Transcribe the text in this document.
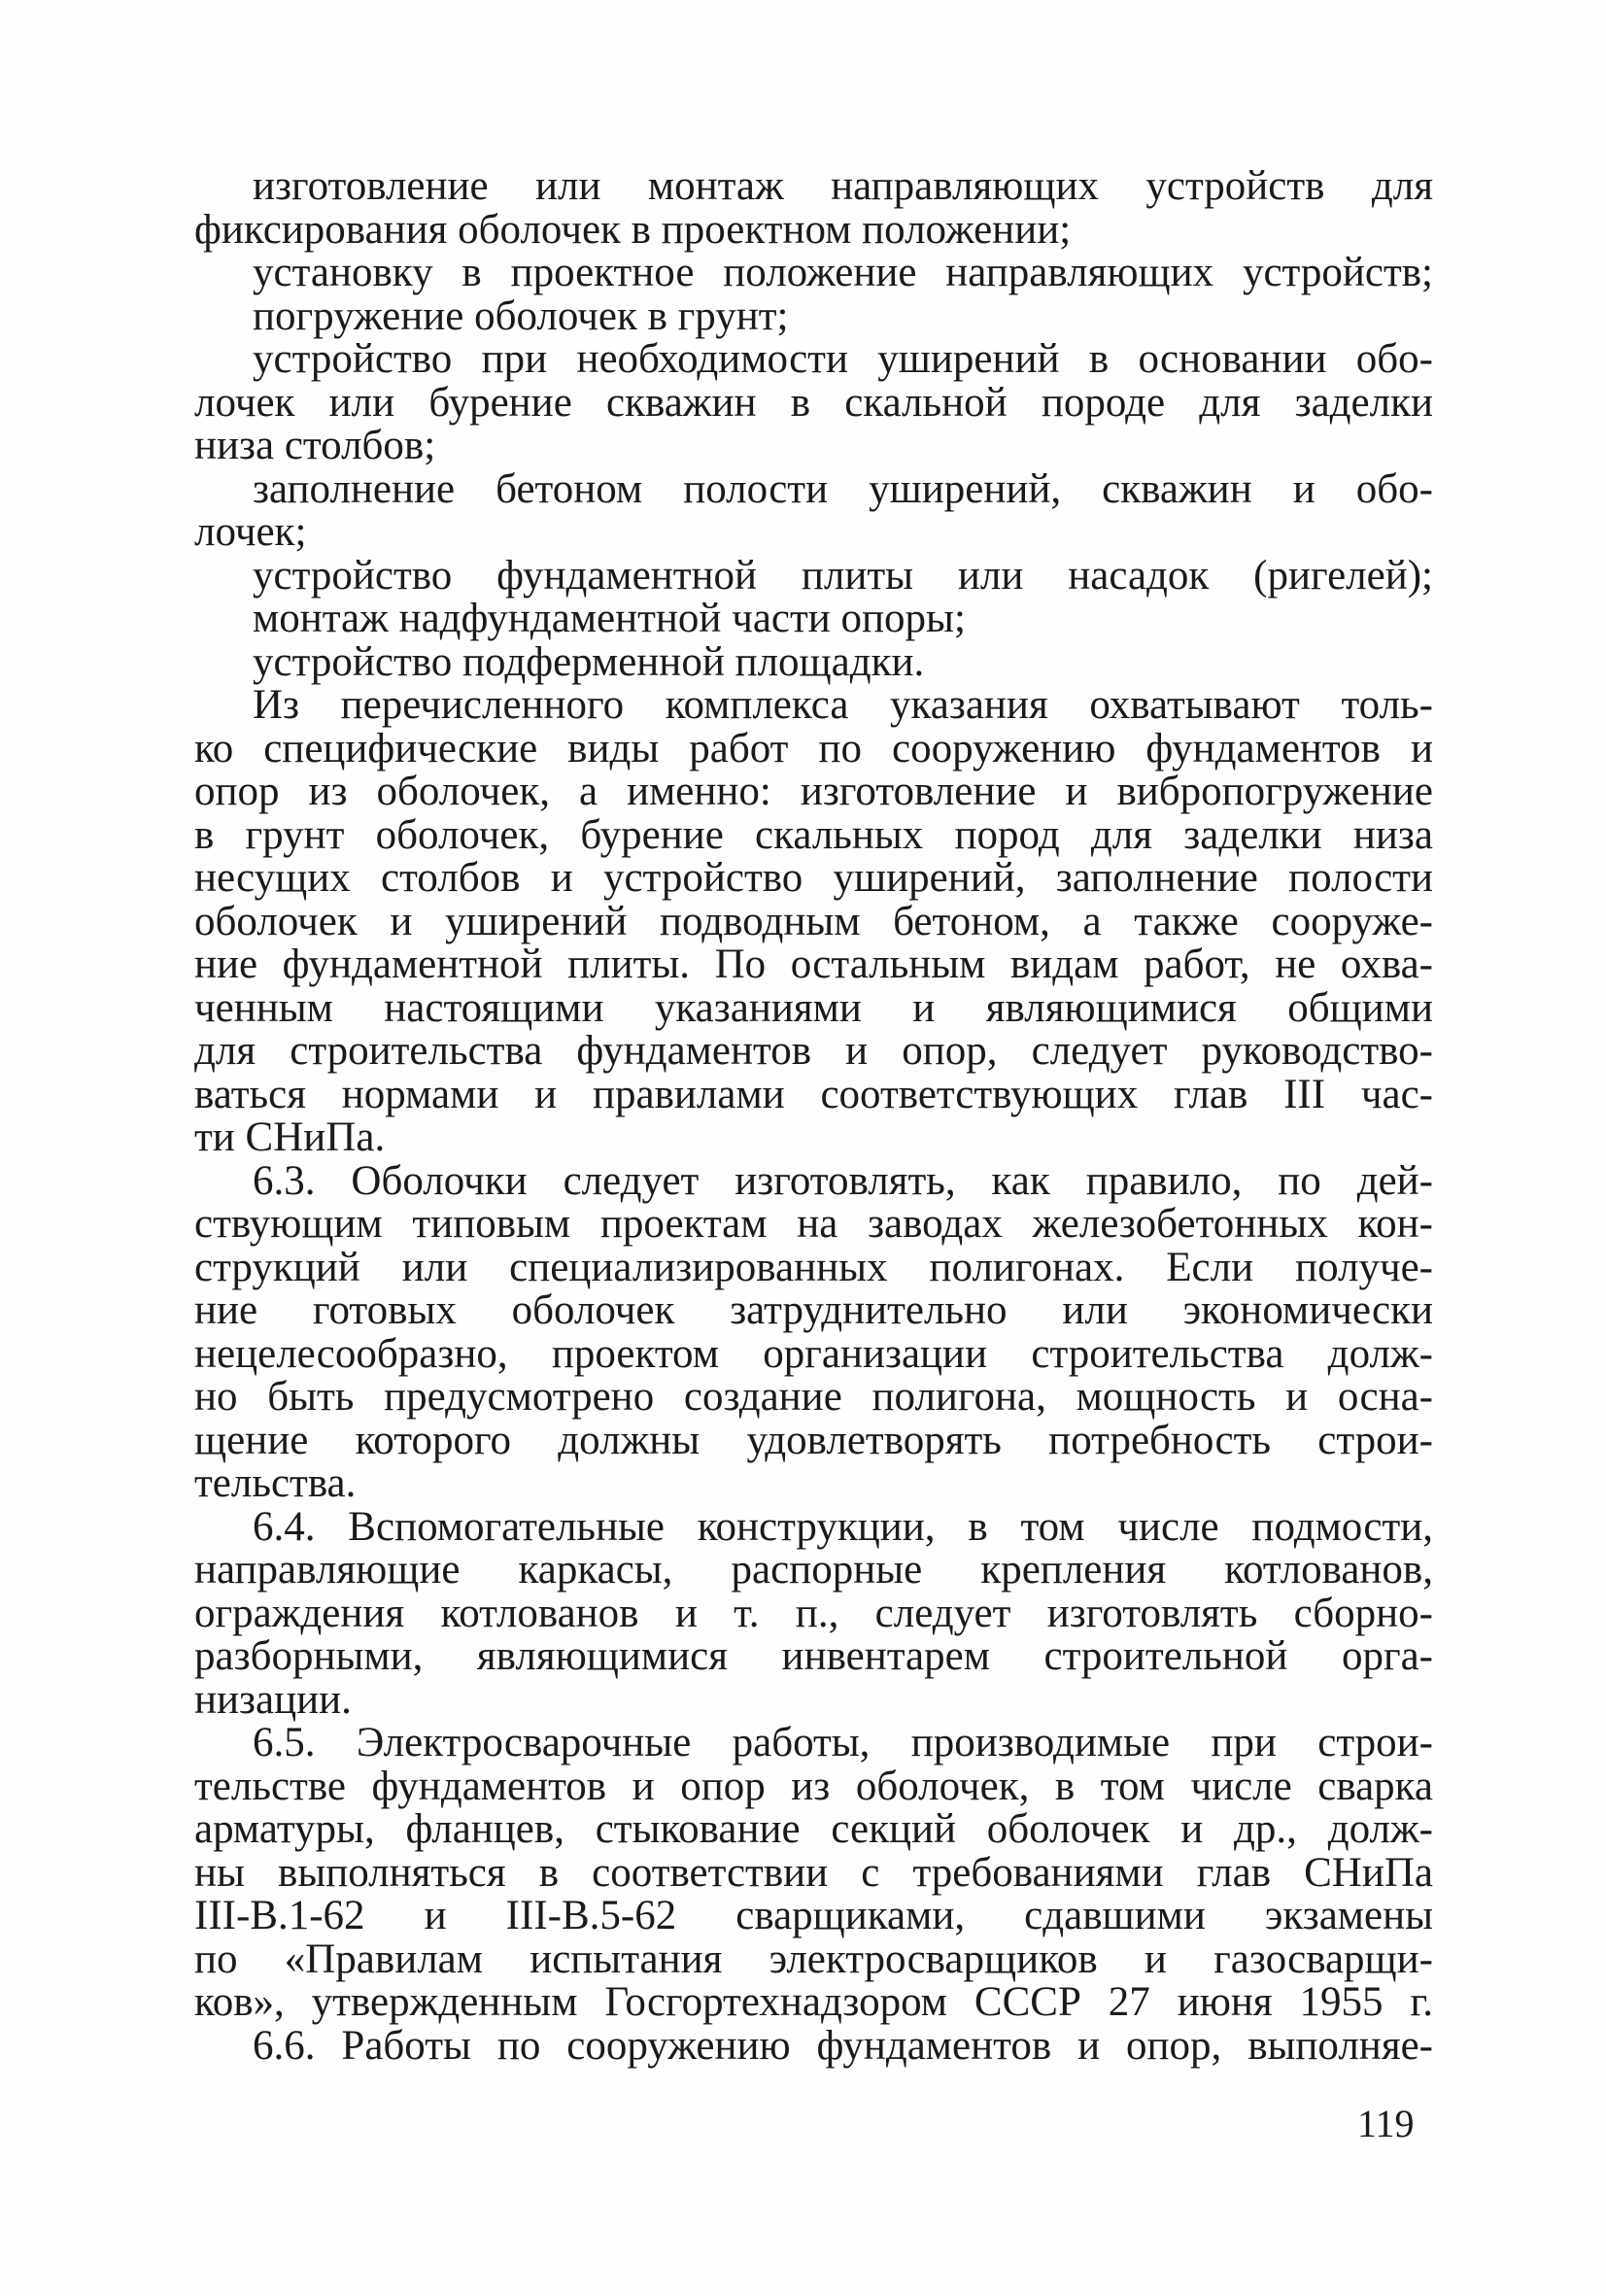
изготовление или монтаж направляющих устройств для
фиксирования оболочек в проектном положении;
установку в проектное положение направляющих устройств;
погружение оболочек в грунт;
устройство при необходимости уширений в основании обо-
лочек или бурение скважин в скальной породе для заделки
низа столбов;
заполнение бетоном полости уширений, скважин и обо-
лочек;
устройство фундаментной плиты или насадок (ригелей);
монтаж надфундаментной части опоры;
устройство подферменной площадки.
Из перечисленного комплекса указания охватывают толь-
ко специфические виды работ по сооружению фундаментов и
опор из оболочек, а именно: изготовление и вибропогружение
в грунт оболочек, бурение скальных пород для заделки низа
несущих столбов и устройство уширений, заполнение полости
оболочек и уширений подводным бетоном, а также сооруже-
ние фундаментной плиты. По остальным видам работ, не охва-
ченным настоящими указаниями и являющимися общими
для строительства фундаментов и опор, следует руководство-
ваться нормами и правилами соответствующих глав III час-
ти СНиПа.
6.3. Оболочки следует изготовлять, как правило, по дей-
ствующим типовым проектам на заводах железобетонных кон-
струкций или специализированных полигонах. Если получе-
ние готовых оболочек затруднительно или экономически
нецелесообразно, проектом организации строительства долж-
но быть предусмотрено создание полигона, мощность и осна-
щение которого должны удовлетворять потребность строи-
тельства.
6.4. Вспомогательные конструкции, в том числе подмости,
направляющие каркасы, распорные крепления котлованов,
ограждения котлованов и т. п., следует изготовлять сборно-
разборными, являющимися инвентарем строительной орга-
низации.
6.5. Электросварочные работы, производимые при строи-
тельстве фундаментов и опор из оболочек, в том числе сварка
арматуры, фланцев, стыкование секций оболочек и др., долж-
ны выполняться в соответствии с требованиями глав СНиПа
III-В.1-62 и III-В.5-62 сварщиками, сдавшими экзамены
по «Правилам испытания электросварщиков и газосварщи-
ков», утвержденным Госгортехнадзором СССР 27 июня 1955 г.
6.6. Работы по сооружению фундаментов и опор, выполняе-
119
